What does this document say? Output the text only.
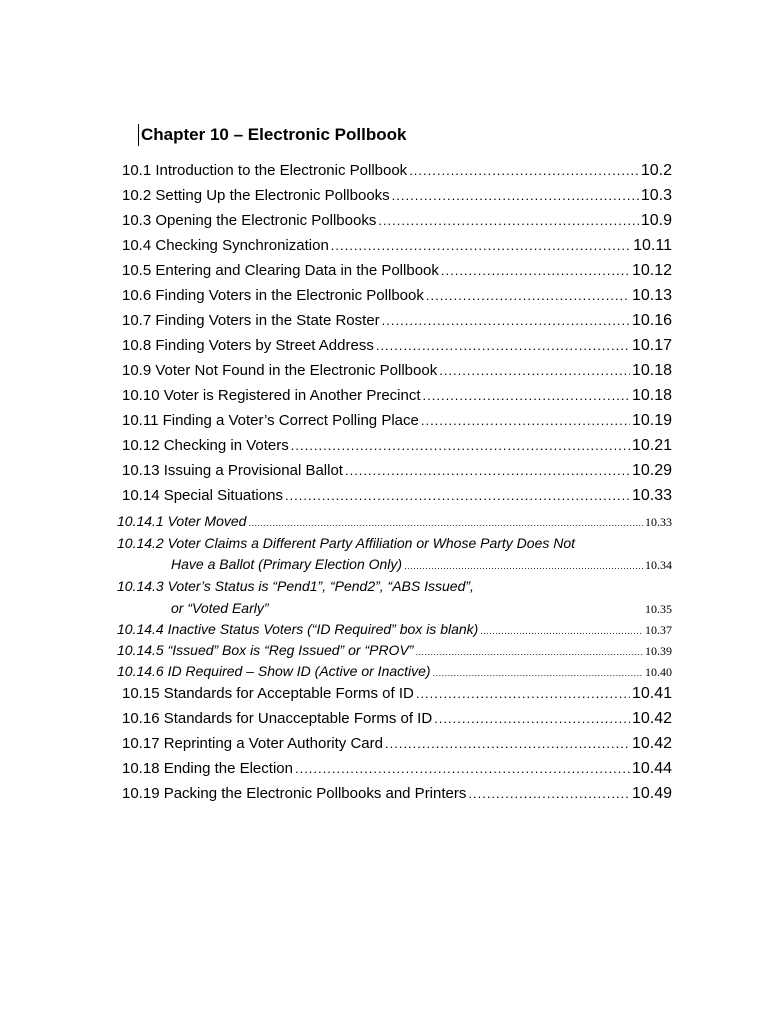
Chapter 10 – Electronic Pollbook
10.1 Introduction to the Electronic Pollbook .....	10.2
10.2 Setting Up the Electronic Pollbooks .....	10.3
10.3 Opening the Electronic Pollbooks .....	10.9
10.4 Checking Synchronization .....	10.11
10.5 Entering and Clearing Data in the Pollbook .....	10.12
10.6 Finding Voters in the Electronic Pollbook .....	10.13
10.7 Finding Voters in the State Roster .....	10.16
10.8 Finding Voters by Street Address .....	10.17
10.9 Voter Not Found in the Electronic Pollbook .....	10.18
10.10 Voter is Registered in Another Precinct .....	10.18
10.11 Finding a Voter’s Correct Polling Place .....	10.19
10.12 Checking in Voters .....	10.21
10.13 Issuing a Provisional Ballot .....	10.29
10.14 Special Situations .....	10.33
10.14.1 Voter Moved .....	10.33
10.14.2 Voter Claims a Different Party Affiliation or Whose Party Does Not
Have a Ballot (Primary Election Only) .....	10.34
10.14.3 Voter’s Status is “Pend1”, “Pend2”, “ABS Issued”,
or “Voted Early”	10.35
10.14.4 Inactive Status Voters (“ID Required” box is blank) .....	10.37
10.14.5 “Issued” Box is “Reg Issued” or “PROV” .....	10.39
10.14.6 ID Required – Show ID (Active or Inactive) .....	10.40
10.15 Standards for Acceptable Forms of ID .....	10.41
10.16 Standards for Unacceptable Forms of ID .....	10.42
10.17 Reprinting a Voter Authority Card .....	10.42
10.18 Ending the Election .....	10.44
10.19 Packing the Electronic Pollbooks and Printers .....	10.49
